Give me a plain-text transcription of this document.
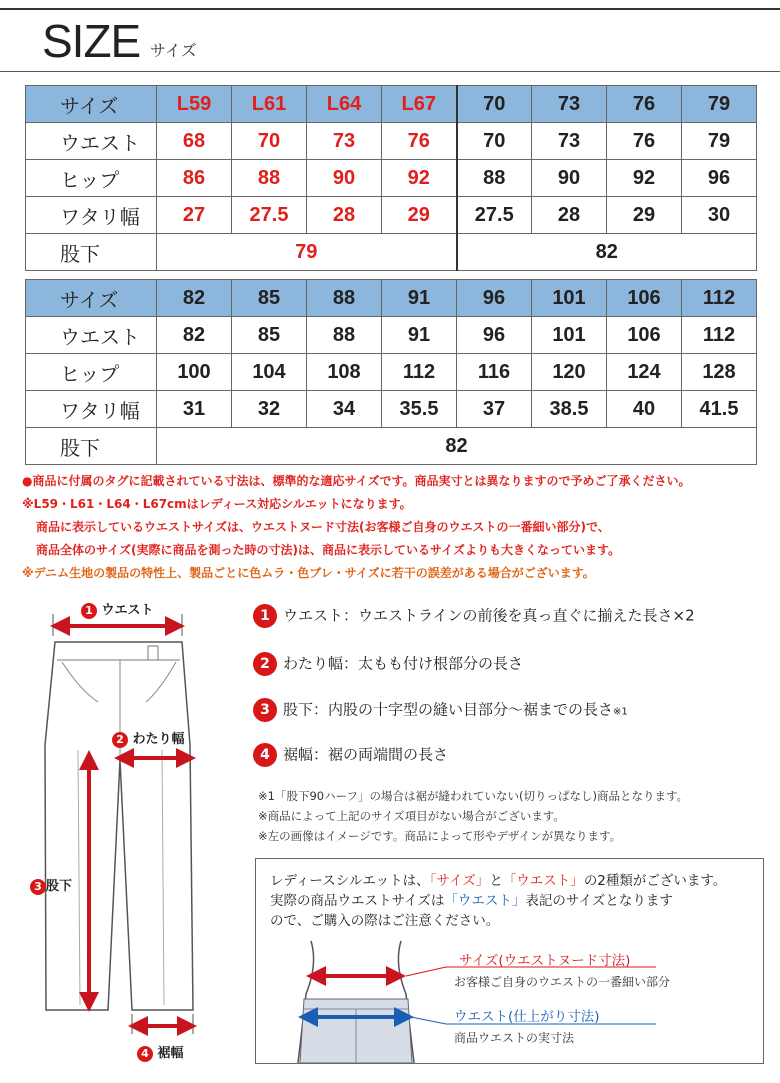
SIZE サイズ
サイズ	L59	L61	L64	L67	70	73	76	79
ウエスト	68	70	73	76	70	73	76	79
ヒップ	86	88	90	92	88	90	92	96
ワタリ幅	27	27.5	28	29	27.5	28	29	30
股下	79				82			
サイズ	82	85	88	91	96	101	106	112
ウエスト	82	85	88	91	96	101	106	112
ヒップ	100	104	108	112	116	120	124	128
ワタリ幅	31	32	34	35.5	37	38.5	40	41.5
股下	82							
●商品に付属のタグに記載されている寸法は、標準的な適応サイズです。商品実寸とは異なりますので予めご了承ください。
※L59・L61・L64・L67cmはレディース対応シルエットになります。
商品に表示しているウエストサイズは、ウエストヌード寸法(お客様ご自身のウエストの一番細い部分)で、
商品全体のサイズ(実際に商品を測った時の寸法)は、商品に表示しているサイズよりも大きくなっています。
※デニム生地の製品の特性上、製品ごとに色ムラ・色ブレ・サイズに若干の誤差がある場合がございます。
1 ウエスト
2 わたり幅
3 股下
4 裾幅
1 ウエスト：ウエストラインの前後を真っ直ぐに揃えた長さ×2
2 わたり幅：太もも付け根部分の長さ
3 股下：内股の十字型の縫い目部分～裾までの長さ※1
4 裾幅：裾の両端間の長さ
※1「股下90ハーフ」の場合は裾が縫われていない(切りっぱなし)商品となります。
※商品によって上記のサイズ項目がない場合がございます。
※左の画像はイメージです。商品によって形やデザインが異なります。
レディースシルエットは、「サイズ」と「ウエスト」の2種類がございます。
実際の商品ウエストサイズは「ウエスト」表記のサイズとなります
ので、ご購入の際はご注意ください。
サイズ(ウエストヌード寸法)
お客様ご自身のウエストの一番細い部分
ウエスト(仕上がり寸法)
商品ウエストの実寸法
